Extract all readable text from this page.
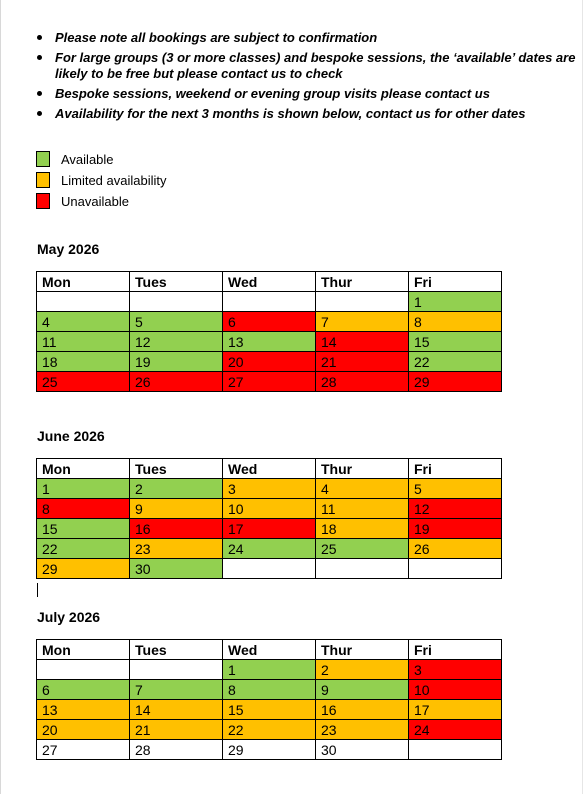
Please note all bookings are subject to confirmation
For large groups (3 or more classes) and bespoke sessions, the ‘available’ dates are likely to be free but please contact us to check
Bespoke sessions, weekend or evening group visits please contact us
Availability for the next 3 months is shown below, contact us for other dates
Available
Limited availability
Unavailable
May 2026
Mon	Tues	Wed	Thur	Fri
				1
4	5	6	7	8
11	12	13	14	15
18	19	20	21	22
25	26	27	28	29
June 2026
Mon	Tues	Wed	Thur	Fri
1	2	3	4	5
8	9	10	11	12
15	16	17	18	19
22	23	24	25	26
29	30			
July 2026
Mon	Tues	Wed	Thur	Fri
		1	2	3
6	7	8	9	10
13	14	15	16	17
20	21	22	23	24
27	28	29	30	
